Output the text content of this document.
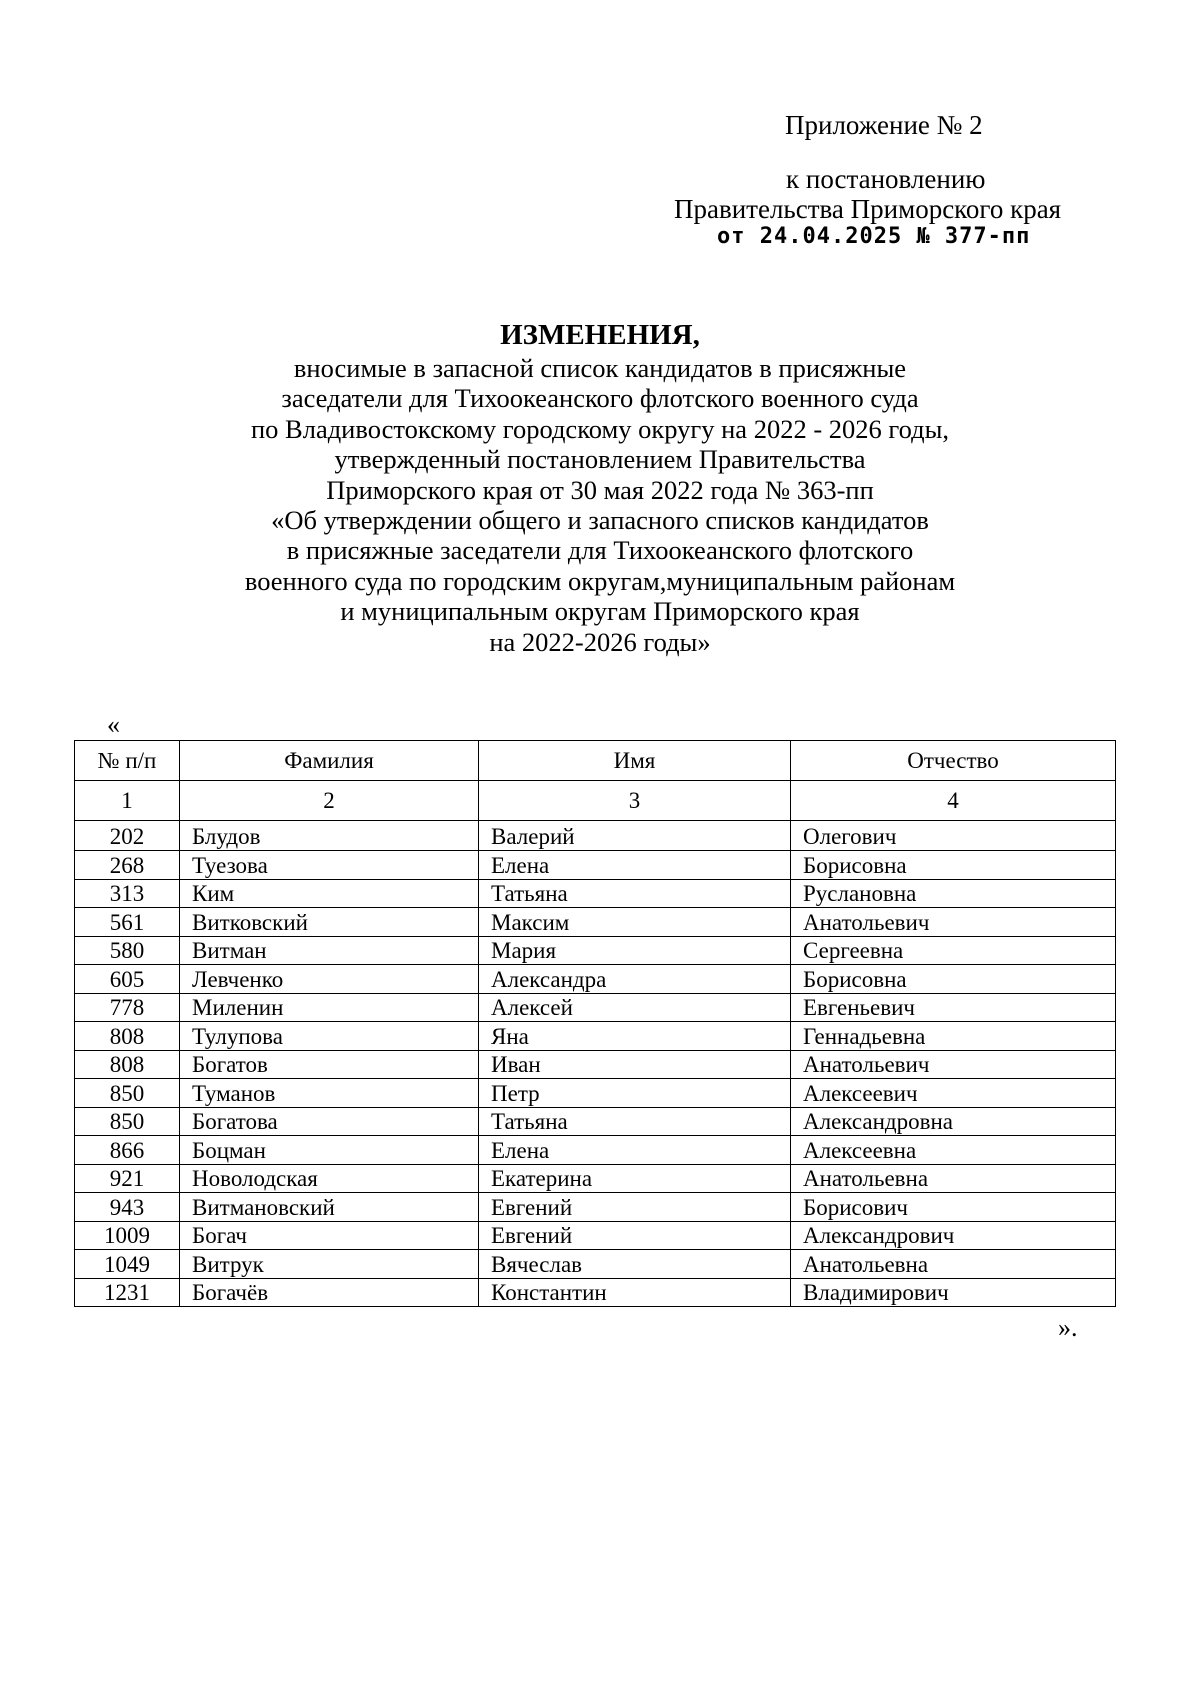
Приложение № 2
к постановлению
Правительства Приморского края
от 24.04.2025 № 377-пп
ИЗМЕНЕНИЯ,
вносимые в запасной список кандидатов в присяжные
заседатели для Тихоокеанского флотского военного суда
по Владивостокскому городскому округу на 2022 - 2026 годы,
утвержденный постановлением Правительства
Приморского края от 30 мая 2022 года № 363-пп
«Об утверждении общего и запасного списков кандидатов
в присяжные заседатели для Тихоокеанского флотского
военного суда по городским округам,муниципальным районам
и муниципальным округам Приморского края
на 2022-2026 годы»
«
№ п/п	Фамилия	Имя	Отчество
1	2	3	4
202	Блудов	Валерий	Олегович
268	Туезова	Елена	Борисовна
313	Ким	Татьяна	Руслановна
561	Витковский	Максим	Анатольевич
580	Витман	Мария	Сергеевна
605	Левченко	Александра	Борисовна
778	Миленин	Алексей	Евгеньевич
808	Тулупова	Яна	Геннадьевна
808	Богатов	Иван	Анатольевич
850	Туманов	Петр	Алексеевич
850	Богатова	Татьяна	Александровна
866	Боцман	Елена	Алексеевна
921	Новолодская	Екатерина	Анатольевна
943	Витмановский	Евгений	Борисович
1009	Богач	Евгений	Александрович
1049	Витрук	Вячеслав	Анатольевна
1231	Богачёв	Константин	Владимирович
».
